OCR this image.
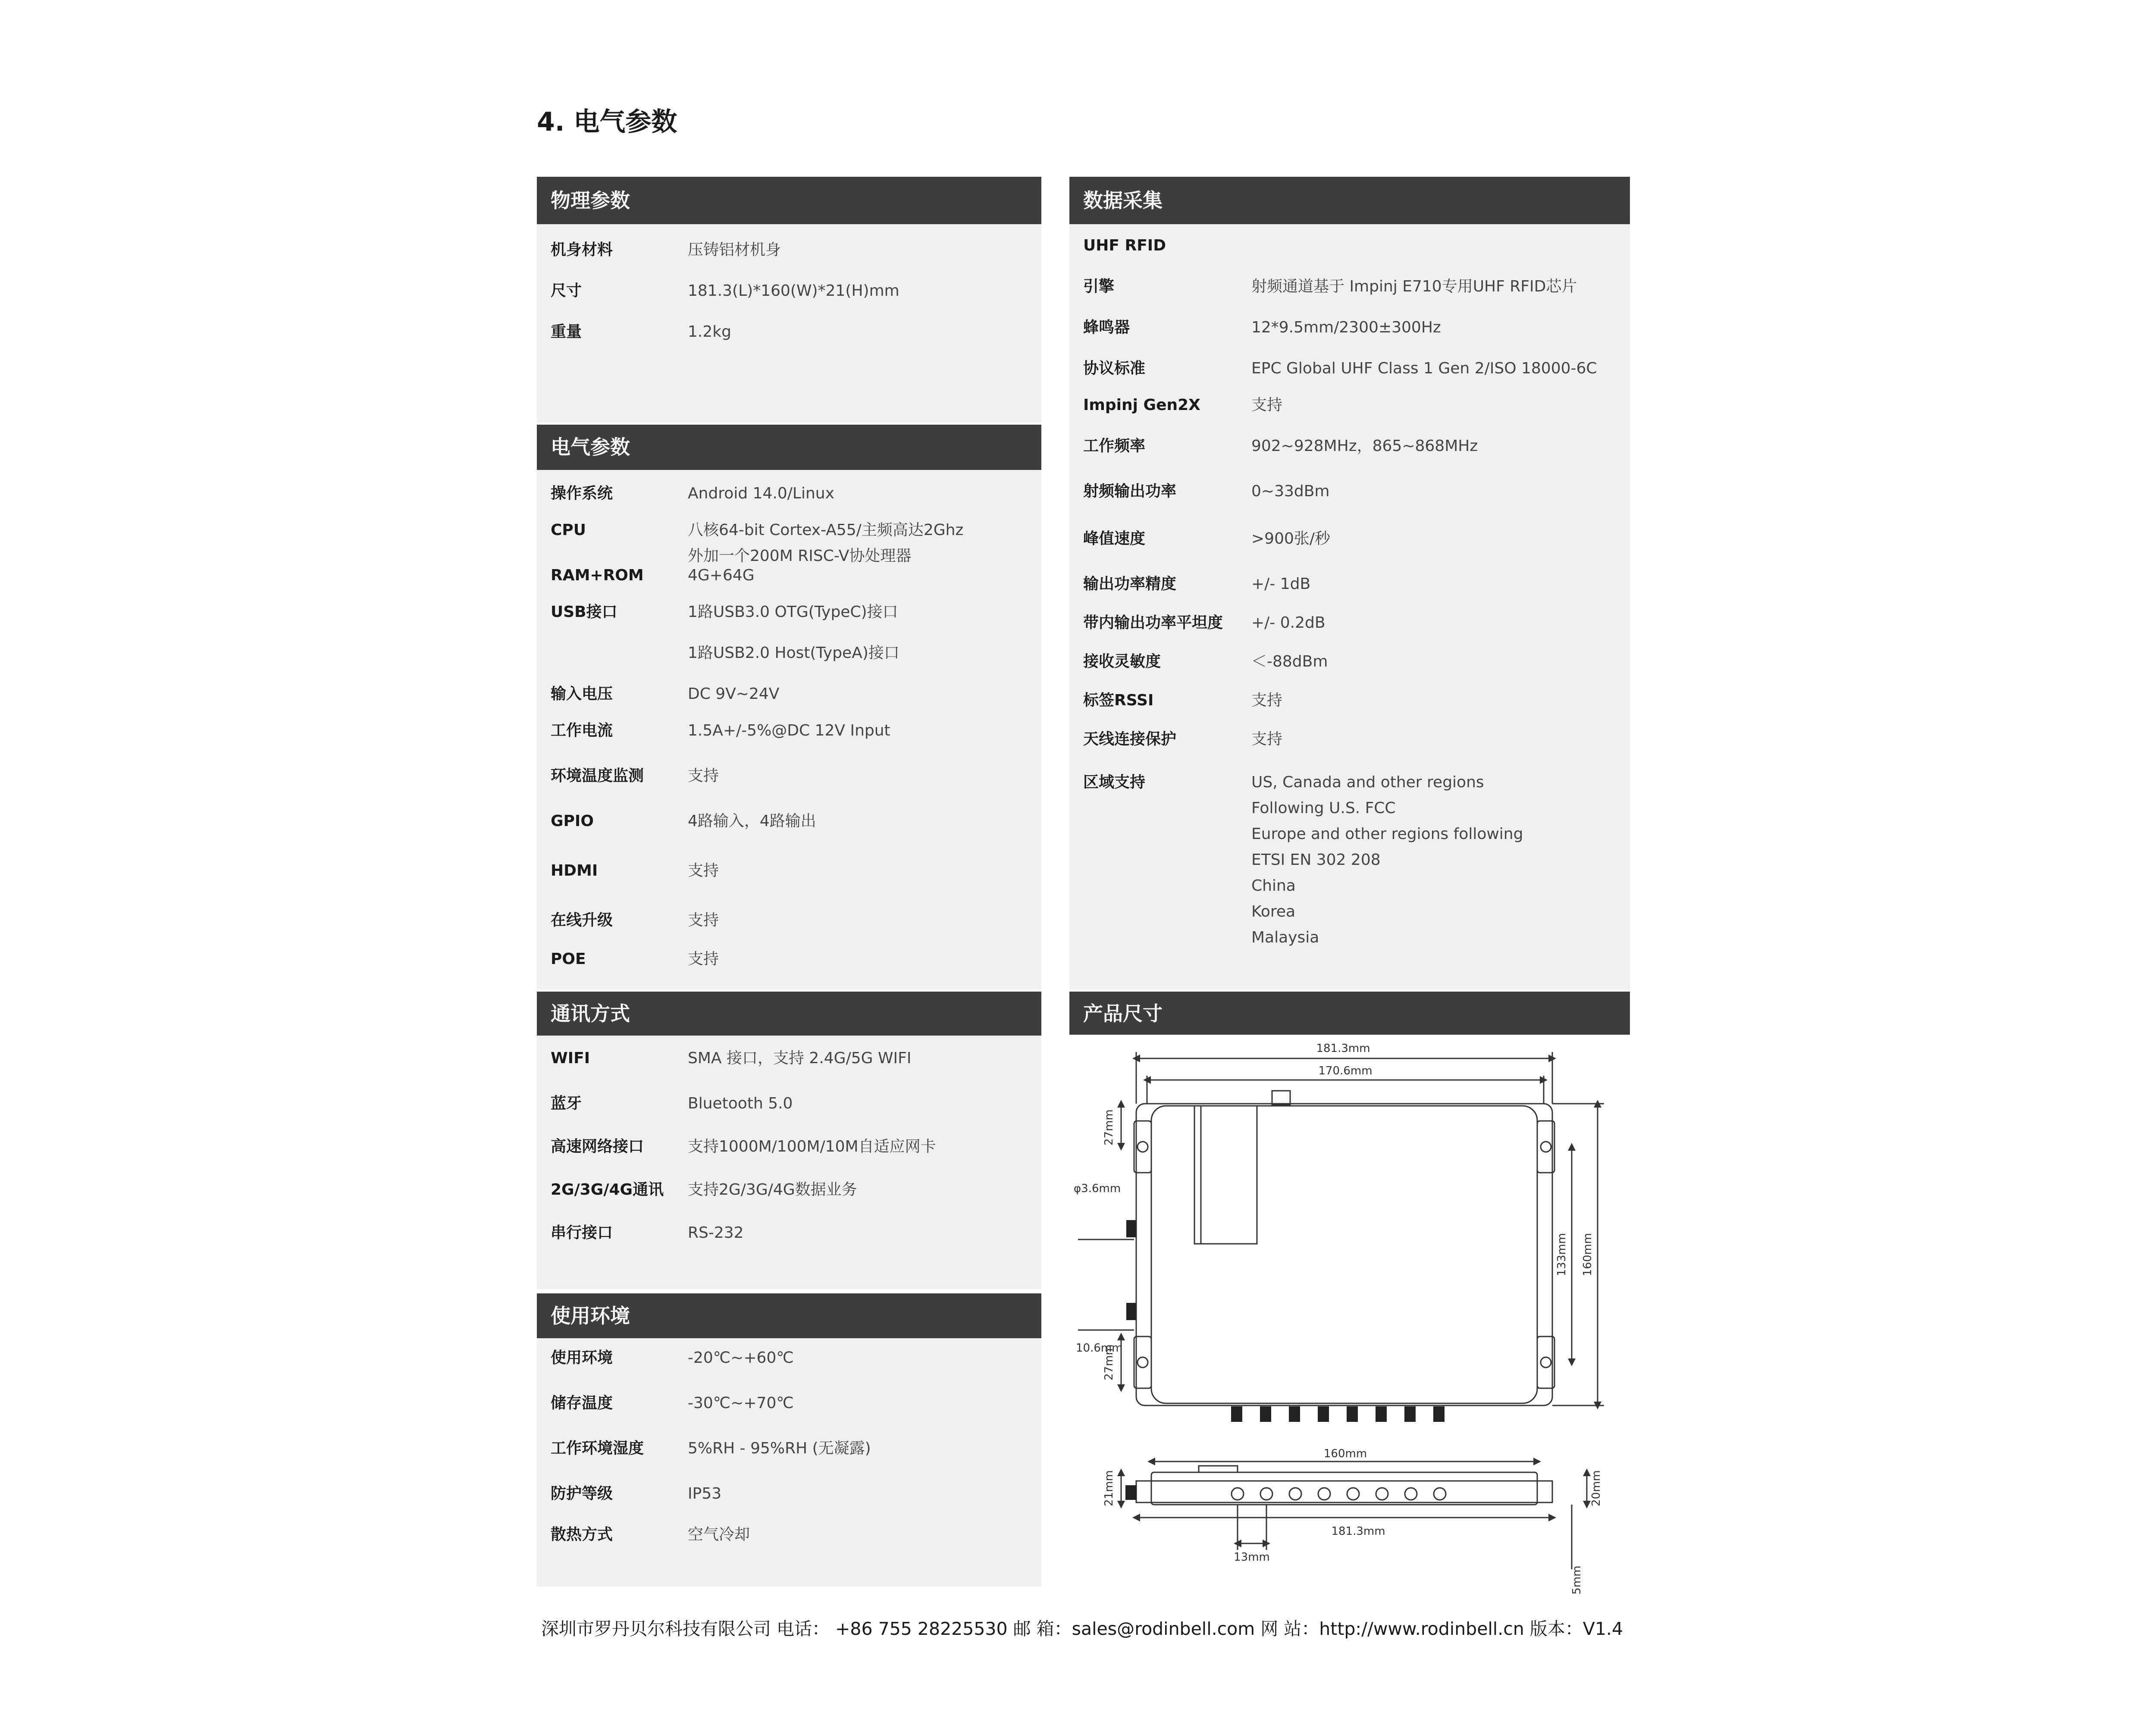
4. 电气参数
物理参数
机身材料	压铸铝材机身
尺寸	181.3(L)*160(W)*21(H)mm
重量	1.2kg
电气参数
操作系统	Android 14.0/Linux
CPU	八核64-bit Cortex-A55/主频高达2Ghz
外加一个200M RISC-V协处理器
RAM+ROM	4G+64G
USB接口	1路USB3.0 OTG(TypeC)接口
1路USB2.0 Host(TypeA)接口
输入电压	DC 9V~24V
工作电流	1.5A+/-5%@DC 12V Input
环境温度监测	支持
GPIO	4路输入，4路输出
HDMI	支持
在线升级	支持
POE	支持
通讯方式
WIFI	SMA 接口，支持 2.4G/5G WIFI
蓝牙	Bluetooth 5.0
高速网络接口	支持1000M/100M/10M自适应网卡
2G/3G/4G通讯 支持2G/3G/4G数据业务
串行接口	RS-232
使用环境
使用环境	-20℃~+60℃
储存温度	-30℃~+70℃
工作环境湿度	5%RH - 95%RH (无凝露)
防护等级	IP53
散热方式	空气冷却
数据采集
UHF RFID
引擎	射频通道基于 Impinj E710专用UHF RFID芯片
蜂鸣器	12*9.5mm/2300±300Hz
协议标准	EPC Global UHF Class 1 Gen 2/ISO 18000-6C
Impinj Gen2X	支持
工作频率	902~928MHz，865~868MHz
射频输出功率	0~33dBm
峰值速度	>900张/秒
输出功率精度	+/- 1dB
带内输出功率平坦度 +/- 0.2dB
接收灵敏度	＜-88dBm
标签RSSI	支持
天线连接保护	支持
区域支持	US, Canada and other regions
Following U.S. FCC
Europe and other regions following
ETSI EN 302 208
China
Korea
Malaysia
产品尺寸
181.3mm
170.6mm
27mm
φ3.6mm
133mm 160mm
10.6mm
27mm
160mm
21mm	20mm
181.3mm
13mm
5mm
深圳市罗丹贝尔科技有限公司 电话： +86 755 28225530 邮 箱：sales@rodinbell.com 网 站：http://www.rodinbell.cn 版本：V1.4
